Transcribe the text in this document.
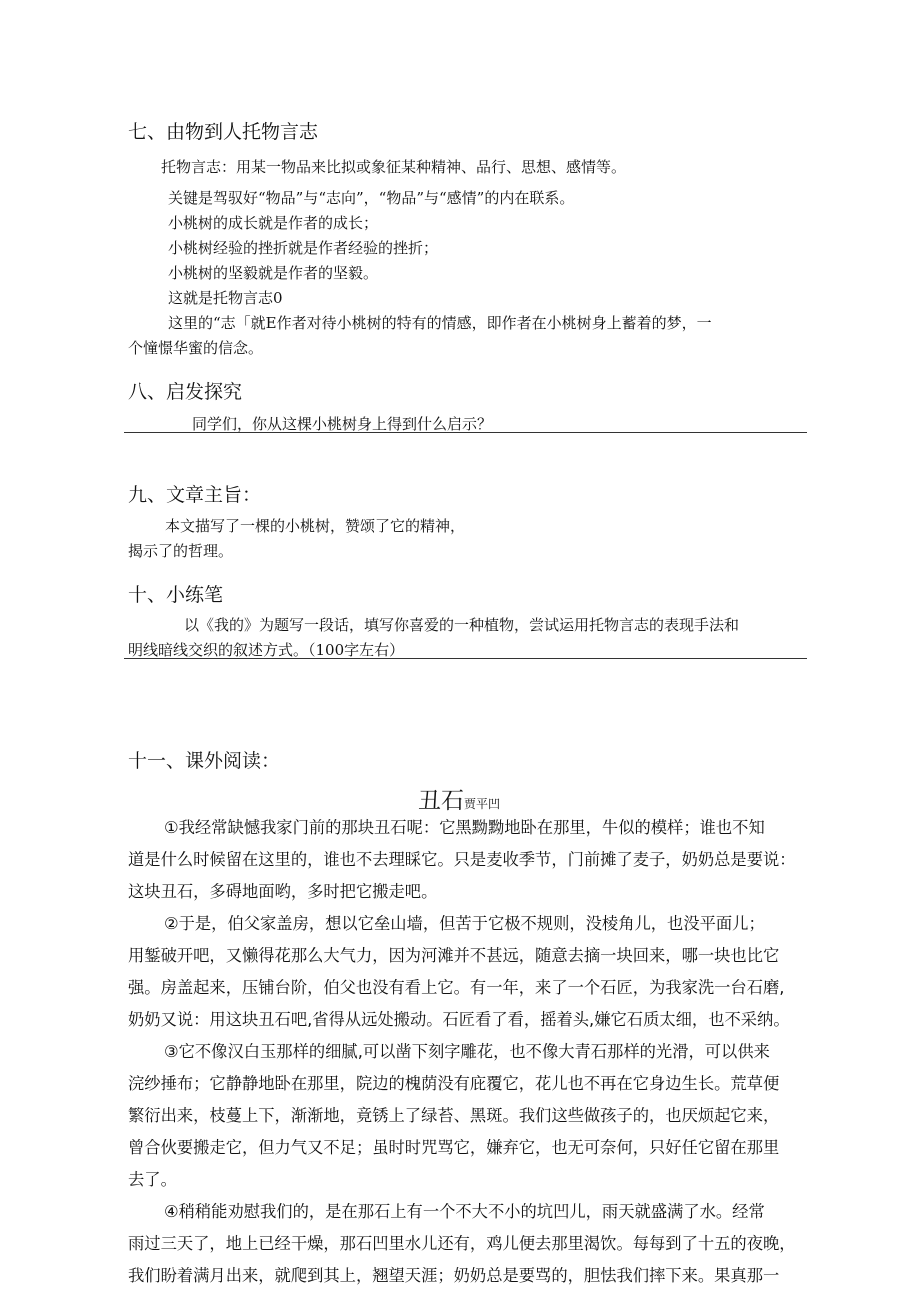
七、由物到人托物言志
托物言志：用某一物品来比拟或象征某种精神、品行、思想、感情等。
关键是驾驭好“物品”与“志向”，“物品”与“感情”的内在联系。
小桃树的成长就是作者的成长；
小桃树经验的挫折就是作者经验的挫折；
小桃树的坚毅就是作者的坚毅。
这就是托物言志0
这里的“志「就E作者对待小桃树的特有的情感，即作者在小桃树身上蓄着的梦，一
个憧憬华蜜的信念。
八、启发探究
同学们，你从这棵小桃树身上得到什么启示？
九、文章主旨：
本文描写了一棵的小桃树，赞颂了它的精神，
揭示了的哲理。
十、小练笔
以《我的》为题写一段话，填写你喜爱的一种植物，尝试运用托物言志的表现手法和
明线暗线交织的叙述方式。（100字左右）
十一、课外阅读：
丑石贾平凹
①我经常缺憾我家门前的那块丑石呢：它黑黝黝地卧在那里，牛似的模样；谁也不知
道是什么时候留在这里的，谁也不去理睬它。只是麦收季节，门前摊了麦子，奶奶总是要说：
这块丑石，多碍地面哟，多时把它搬走吧。
②于是，伯父家盖房，想以它垒山墙，但苦于它极不规则，没棱角儿，也没平面儿；
用錾破开吧，又懒得花那么大气力，因为河滩并不甚远，随意去摘一块回来，哪一块也比它
强。房盖起来，压铺台阶，伯父也没有看上它。有一年，来了一个石匠，为我家洗一台石磨,
奶奶又说：用这块丑石吧,省得从远处搬动。石匠看了看，摇着头,嫌它石质太细，也不采纳。
③它不像汉白玉那样的细腻,可以凿下刻字雕花，也不像大青石那样的光滑，可以供来
浣纱捶布；它静静地卧在那里，院边的槐荫没有庇覆它，花儿也不再在它身边生长。荒草便
繁衍出来，枝蔓上下，渐渐地，竟锈上了绿苔、黑斑。我们这些做孩子的，也厌烦起它来，
曾合伙要搬走它，但力气又不足；虽时时咒骂它，嫌弃它，也无可奈何，只好任它留在那里
去了。
④稍稍能劝慰我们的，是在那石上有一个不大不小的坑凹儿，雨天就盛满了水。经常
雨过三天了，地上已经干燥，那石凹里水儿还有，鸡儿便去那里渴饮。每每到了十五的夜晚，
我们盼着满月出来，就爬到其上，翘望天涯；奶奶总是要骂的，胆怯我们摔下来。果真那一
